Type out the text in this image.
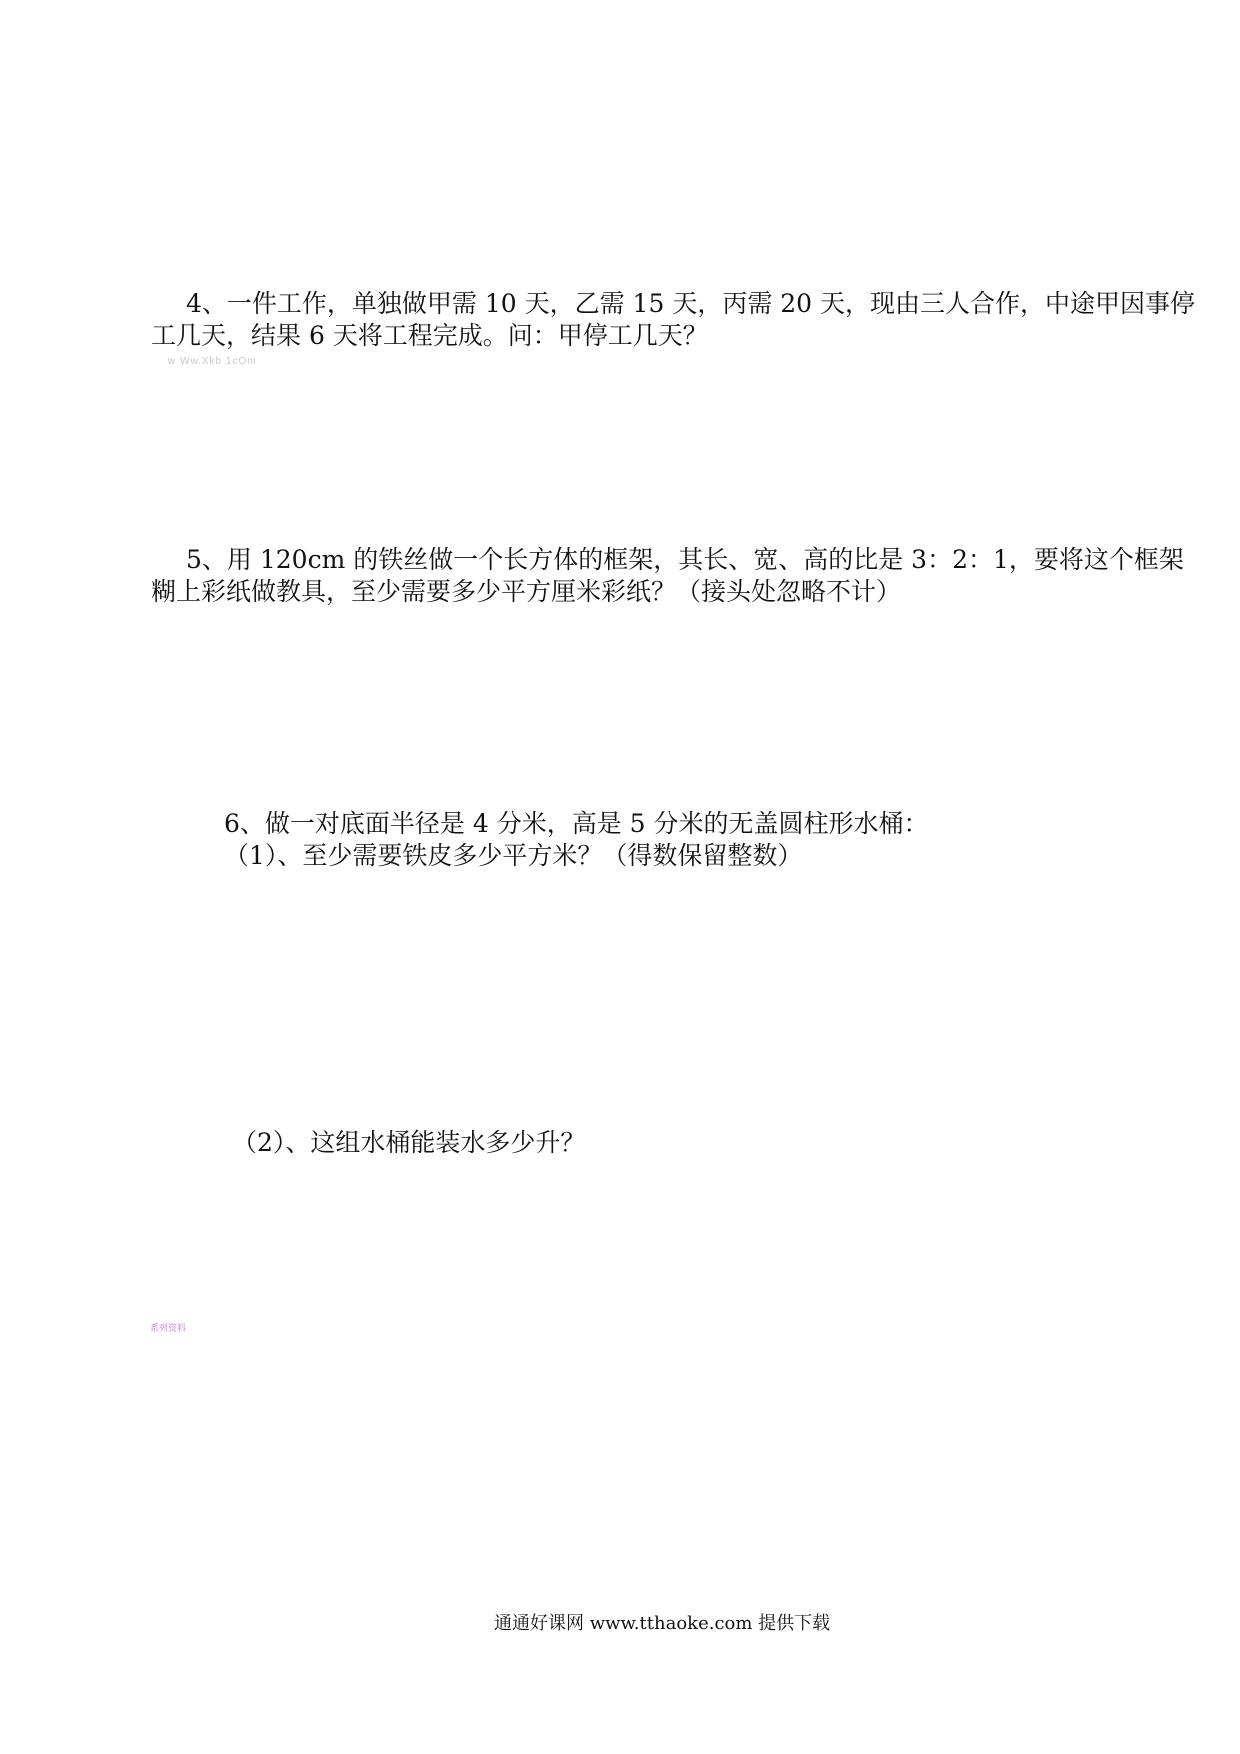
4、一件工作，单独做甲需 10 天，乙需 15 天，丙需 20 天，现由三人合作，中途甲因事停
工几天，结果 6 天将工程完成。问：甲停工几天？
w Ww.Xkb 1cOm
5、用 120cm 的铁丝做一个长方体的框架，其长、宽、高的比是 3：2：1，要将这个框架
糊上彩纸做教具，至少需要多少平方厘米彩纸？（接头处忽略不计）
6、做一对底面半径是 4 分米，高是 5 分米的无盖圆柱形水桶：
（1）、至少需要铁皮多少平方米？（得数保留整数）
（2）、这组水桶能装水多少升？
系列资料
通通好课网 www.tthaoke.com 提供下载
